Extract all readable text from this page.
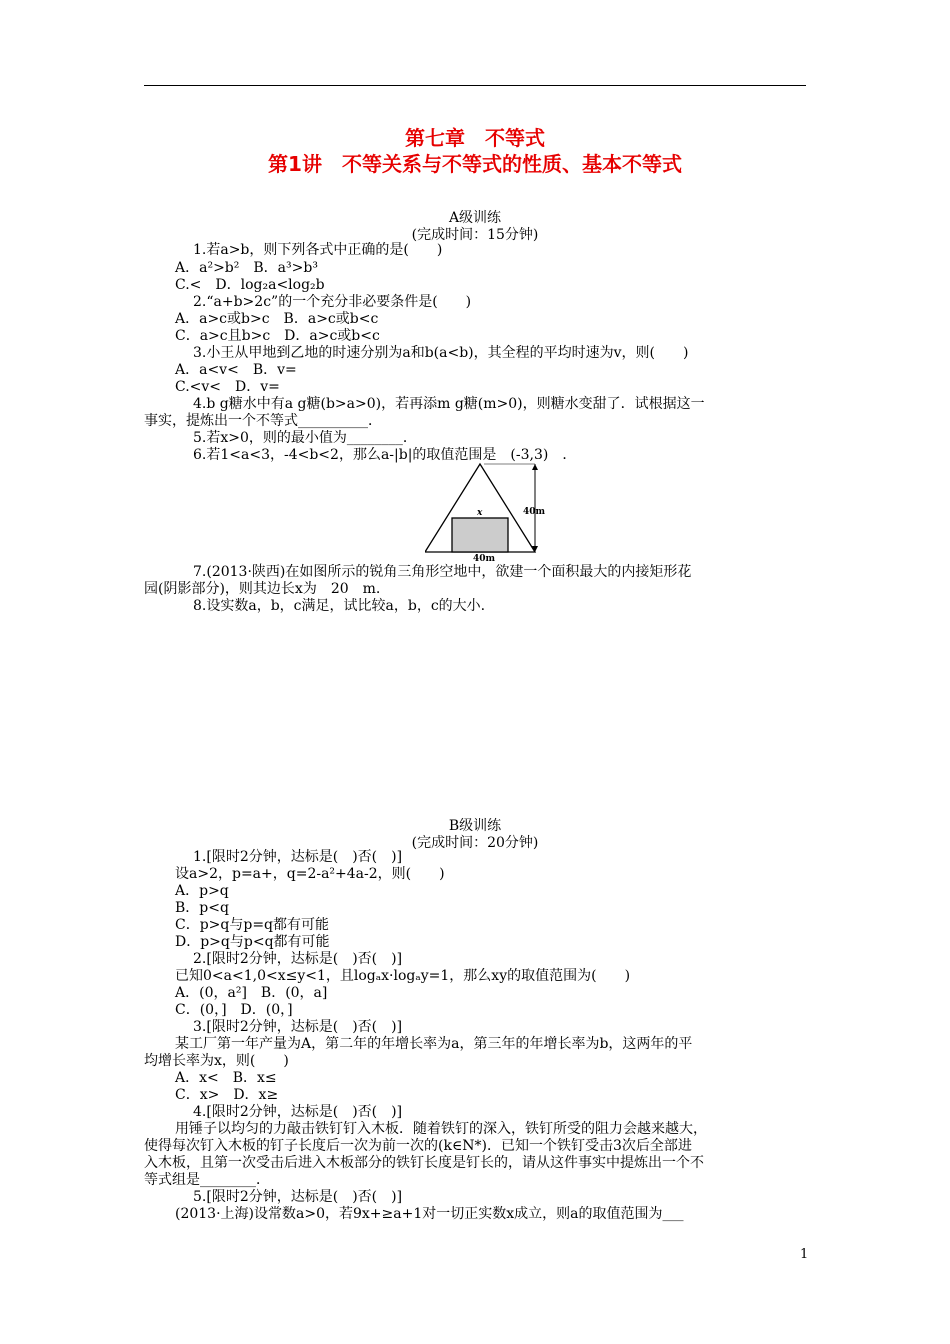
第七章　不等式
第1讲　不等关系与不等式的性质、基本不等式
A级训练
(完成时间：15分钟)
1.若a>b，则下列各式中正确的是(　　)
A．a²>b²　B．a³>b³
C.<　D．log₂a<log₂b
2.“a+b>2c”的一个充分非必要条件是(　　)
A．a>c或b>c　B．a>c或b<c
C．a>c且b>c　D．a>c或b<c
3.小王从甲地到乙地的时速分别为a和b(a<b)，其全程的平均时速为v，则(　　)
A．a<v<　B．v=
C.<v<　D．v=
4.b g糖水中有a g糖(b>a>0)，若再添m g糖(m>0)，则糖水变甜了．试根据这一
事实，提炼出一个不等式__________．
5.若x>0，则的最小值为________．
6.若1<a<3，-4<b<2，那么a-|b|的取值范围是　(-3,3)　．
x	40m
40m
7.(2013·陕西)在如图所示的锐角三角形空地中，欲建一个面积最大的内接矩形花
园(阴影部分)，则其边长x为　20　m.
8.设实数a，b，c满足，试比较a，b，c的大小.
B级训练
(完成时间：20分钟)
1.[限时2分钟，达标是(　)否(　)]
设a>2，p=a+，q=2-a²+4a-2，则(　　)
A．p>q
B．p<q
C．p>q与p=q都有可能
D．p>q与p<q都有可能
2.[限时2分钟，达标是(　)否(　)]
已知0<a<1,0<x≤y<1，且logₐx·logₐy=1，那么xy的取值范围为(　　)
A．(0，a²]　B．(0，a]
C．(0，]　D．(0，]
3.[限时2分钟，达标是(　)否(　)]
某工厂第一年产量为A，第二年的年增长率为a，第三年的年增长率为b，这两年的平
均增长率为x，则(　　)
A．x<　B．x≤
C．x>　D．x≥
4.[限时2分钟，达标是(　)否(　)]
用锤子以均匀的力敲击铁钉钉入木板．随着铁钉的深入，铁钉所受的阻力会越来越大，
使得每次钉入木板的钉子长度后一次为前一次的(k∈N*)．已知一个铁钉受击3次后全部进
入木板，且第一次受击后进入木板部分的铁钉长度是钉长的，请从这件事实中提炼出一个不
等式组是________．
5.[限时2分钟，达标是(　)否(　)]
(2013·上海)设常数a>0，若9x+≥a+1对一切正实数x成立，则a的取值范围为___
1
